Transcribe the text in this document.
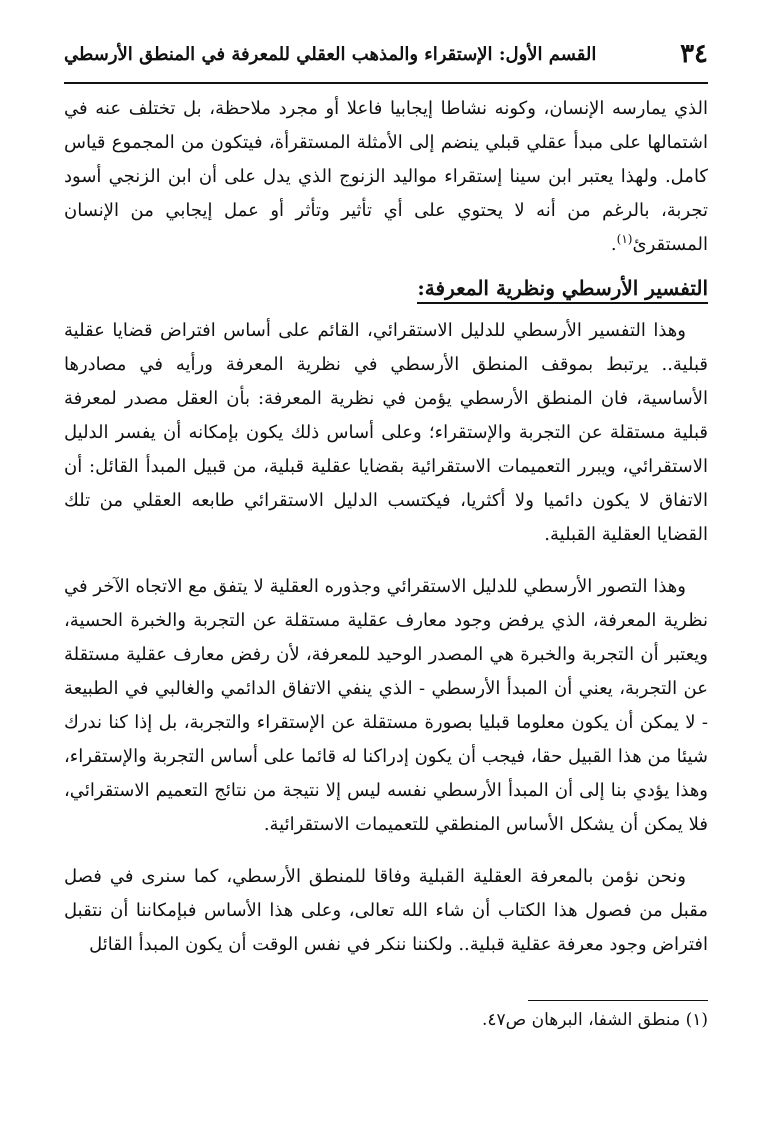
٣٤
القسم الأول: الإستقراء والمذهب العقلي للمعرفة في المنطق الأرسطي

الذي يمارسه الإنسان، وكونه نشاطا إيجابيا فاعلا أو مجرد ملاحظة، بل تختلف عنه في اشتمالها على مبدأ عقلي قبلي ينضم إلى الأمثلة المستقرأة، فيتكون من المجموع قياس كامل. ولهذا يعتبر ابن سينا إستقراء مواليد الزنوج الذي يدل على أن ابن الزنجي أسود تجربة، بالرغم من أنه لا يحتوي على أي تأثير وتأثر أو عمل إيجابي من الإنسان المستقرئ$^{(١)}$.

التفسير الأرسطي ونظرية المعرفة:

وهذا التفسير الأرسطي للدليل الاستقرائي، القائم على أساس افتراض قضايا عقلية قبلية.. يرتبط بموقف المنطق الأرسطي في نظرية المعرفة ورأيه في مصادرها الأساسية، فان المنطق الأرسطي يؤمن في نظرية المعرفة: بأن العقل مصدر لمعرفة قبلية مستقلة عن التجربة والإستقراء؛ وعلى أساس ذلك يكون بإمكانه أن يفسر الدليل الاستقرائي، ويبرر التعميمات الاستقرائية بقضايا عقلية قبلية، من قبيل المبدأ القائل: أن الاتفاق لا يكون دائميا ولا أكثريا، فيكتسب الدليل الاستقرائي طابعه العقلي من تلك القضايا العقلية القبلية.

وهذا التصور الأرسطي للدليل الاستقرائي وجذوره العقلية لا يتفق مع الاتجاه الآخر في نظرية المعرفة، الذي يرفض وجود معارف عقلية مستقلة عن التجربة والخبرة الحسية، ويعتبر أن التجربة والخبرة هي المصدر الوحيد للمعرفة، لأن رفض معارف عقلية مستقلة عن التجربة، يعني أن المبدأ الأرسطي - الذي ينفي الاتفاق الدائمي والغالبي في الطبيعة - لا يمكن أن يكون معلوما قبليا بصورة مستقلة عن الإستقراء والتجربة، بل إذا كنا ندرك شيئا من هذا القبيل حقا، فيجب أن يكون إدراكنا له قائما على أساس التجربة والإستقراء، وهذا يؤدي بنا إلى أن المبدأ الأرسطي نفسه ليس إلا نتيجة من نتائج التعميم الاستقرائي، فلا يمكن أن يشكل الأساس المنطقي للتعميمات الاستقرائية.

ونحن نؤمن بالمعرفة العقلية القبلية وفاقا للمنطق الأرسطي، كما سنرى في فصل مقبل من فصول هذا الكتاب أن شاء الله تعالى، وعلى هذا الأساس فبإمكاننا أن نتقبل افتراض وجود معرفة عقلية قبلية.. ولكننا ننكر في نفس الوقت أن يكون المبدأ القائل

(١) منطق الشفا، البرهان ص٤٧.
